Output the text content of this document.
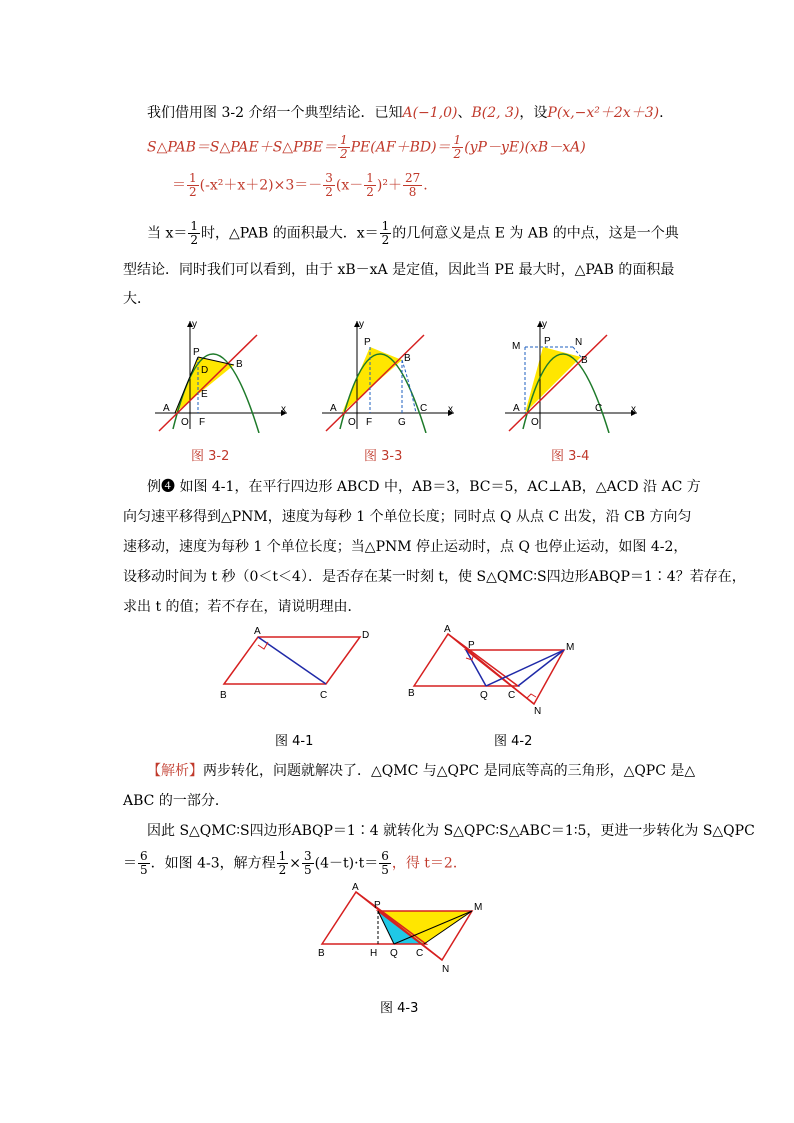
我们借用图 3-2 介绍一个典型结论．已知A(−1,0)、B(2, 3)，设P(x,−x²＋2x＋3).
S△PAB＝S△PAE＋S△PBE＝ $\frac{1}{2} PE(AF+BD)= \frac{1}{2} (yP-yE)(xB-xA)$
＝ $\frac{1}{2} (-x^2+x+2)\times 3=- \frac{3}{2} (x- \frac{1}{2} )^2+ \frac{27}{8}$ .
当 $x= \frac{1}{2}$ 时，△PAB 的面积最大．$x= \frac{1}{2}$ 的几何意义是点 E 为 AB 的中点，这是一个典
型结论．同时我们可以看到，由于 xB－xA 是定值，因此当 PE 最大时，△PAB 的面积最
大．
y
x
P
B
D
E
A
O F
图 3-2
y
x
P
B
A
O F	G
C
图 3-3
y
x
M P N
B
A
O
C
图 3-4
例❹ 如图 4-1，在平行四边形 ABCD 中，AB＝3，BC＝5，AC⊥AB，△ACD 沿 AC 方
向匀速平移得到△PNM，速度为每秒 1 个单位长度；同时点 Q 从点 C 出发，沿 CB 方向匀
速移动，速度为每秒 1 个单位长度；当△PNM 停止运动时，点 Q 也停止运动，如图 4-2，
设移动时间为 t 秒（0＜t＜4）．是否存在某一时刻 t，使 S△QMC∶S四边形ABQP＝1∶4？若存在，
求出 t 的值；若不存在，请说明理由．
A	D
B	C
图 4-1
A
P	M
B	Q C
N
图 4-2
【解析】两步转化，问题就解决了．△QMC 与△QPC 是同底等高的三角形，△QPC 是△
ABC 的一部分．
因此 S△QMC∶S四边形ABQP＝1∶4 就转化为 S△QPC∶S△ABC＝1∶5，更进一步转化为 S△QPC
＝ $\frac{6}{5}$ ．如图 4-3，解方程 $\frac{1}{2} \times \frac{3}{5} (4-t)\cdot t= \frac{6}{5}$ ，得 t＝2．
A
P	M
B	H Q C
N
图 4-3
